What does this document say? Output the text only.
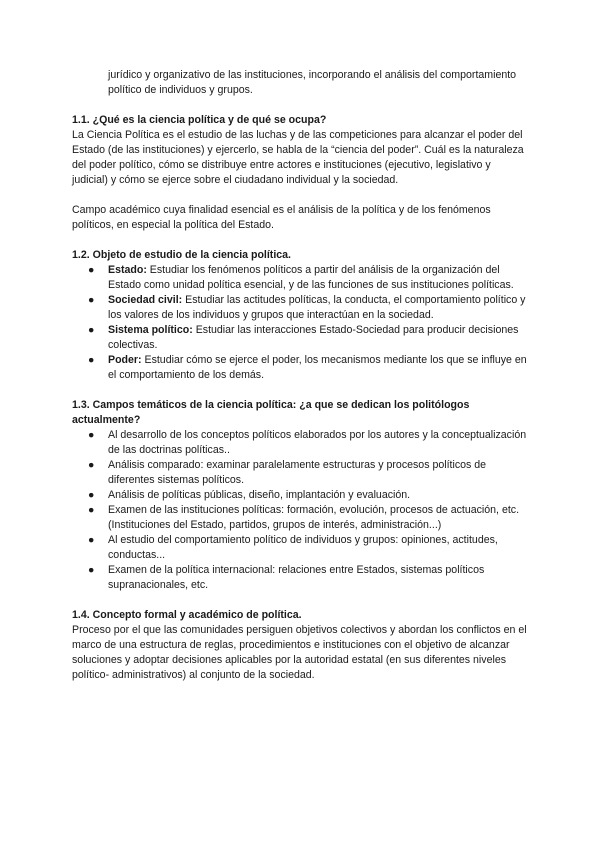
jurídico y organizativo de las instituciones, incorporando el análisis del comportamiento político de individuos y grupos.

1.1. ¿Qué es la ciencia política y de qué se ocupa?

La Ciencia Política es el estudio de las luchas y de las competiciones para alcanzar el poder del Estado (de las instituciones) y ejercerlo, se habla de la “ciencia del poder”. Cuál es la naturaleza del poder político, cómo se distribuye entre actores e instituciones (ejecutivo, legislativo y judicial) y cómo se ejerce sobre el ciudadano individual y la sociedad.

Campo académico cuya finalidad esencial es el análisis de la política y de los fenómenos políticos, en especial la política del Estado.

1.2. Objeto de estudio de la ciencia política.
● Estado: Estudiar los fenómenos políticos a partir del análisis de la organización del Estado como unidad política esencial, y de las funciones de sus instituciones políticas.
● Sociedad civil: Estudiar las actitudes políticas, la conducta, el comportamiento político y los valores de los individuos y grupos que interactúan en la sociedad.
● Sistema político: Estudiar las interacciones Estado-Sociedad para producir decisiones colectivas.
● Poder: Estudiar cómo se ejerce el poder, los mecanismos mediante los que se influye en el comportamiento de los demás.
1.3. Campos temáticos de la ciencia política: ¿a que se dedican los politólogos actualmente?
● Al desarrollo de los conceptos políticos elaborados por los autores y la conceptualización de las doctrinas políticas..
● Análisis comparado: examinar paralelamente estructuras y procesos políticos de diferentes sistemas políticos.
● Análisis de políticas públicas, diseño, implantación y evaluación.
● Examen de las instituciones políticas: formación, evolución, procesos de actuación, etc. (Instituciones del Estado, partidos, grupos de interés, administración...)
● Al estudio del comportamiento político de individuos y grupos: opiniones, actitudes, conductas...
● Examen de la política internacional: relaciones entre Estados, sistemas políticos supranacionales, etc.
1.4. Concepto formal y académico de política.

Proceso por el que las comunidades persiguen objetivos colectivos y abordan los conflictos en el marco de una estructura de reglas, procedimientos e instituciones con el objetivo de alcanzar soluciones y adoptar decisiones aplicables por la autoridad estatal (en sus diferentes niveles político- administrativos) al conjunto de la sociedad.
